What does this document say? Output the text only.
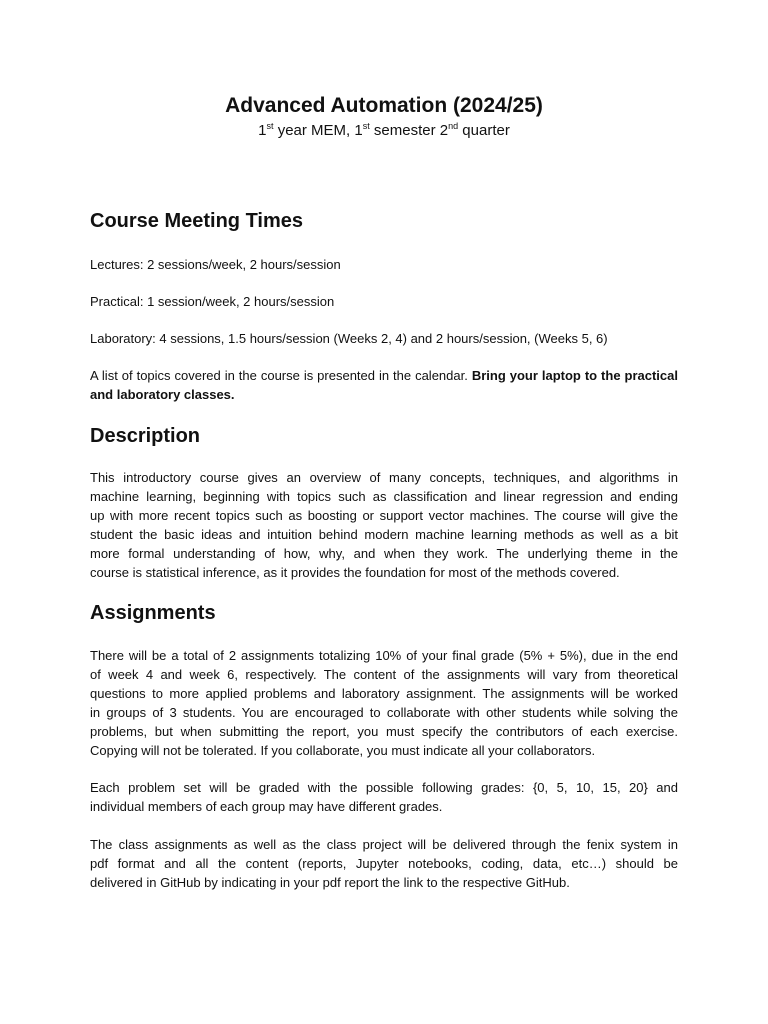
Advanced Automation (2024/25)
1st year MEM, 1st semester 2nd quarter
Course Meeting Times

Lectures: 2 sessions/week, 2 hours/session

Practical: 1 session/week, 2 hours/session

Laboratory: 4 sessions, 1.5 hours/session (Weeks 2, 4) and 2 hours/session, (Weeks 5, 6)

A list of topics covered in the course is presented in the calendar. Bring your laptop to the practical and laboratory classes.

Description

This introductory course gives an overview of many concepts, techniques, and algorithms in
machine learning, beginning with topics such as classification and linear regression and ending
up with more recent topics such as boosting or support vector machines. The course will give the
student the basic ideas and intuition behind modern machine learning methods as well as a bit
more formal understanding of how, why, and when they work. The underlying theme in the
course is statistical inference, as it provides the foundation for most of the methods covered.

Assignments

There will be a total of 2 assignments totalizing 10% of your final grade (5% + 5%), due in the end
of week 4 and week 6, respectively. The content of the assignments will vary from theoretical
questions to more applied problems and laboratory assignment. The assignments will be worked
in groups of 3 students. You are encouraged to collaborate with other students while solving the
problems, but when submitting the report, you must specify the contributors of each exercise.
Copying will not be tolerated. If you collaborate, you must indicate all your collaborators.

Each problem set will be graded with the possible following grades: {0, 5, 10, 15, 20} and
individual members of each group may have different grades.

The class assignments as well as the class project will be delivered through the fenix system in
pdf format and all the content (reports, Jupyter notebooks, coding, data, etc…) should be
delivered in GitHub by indicating in your pdf report the link to the respective GitHub.
